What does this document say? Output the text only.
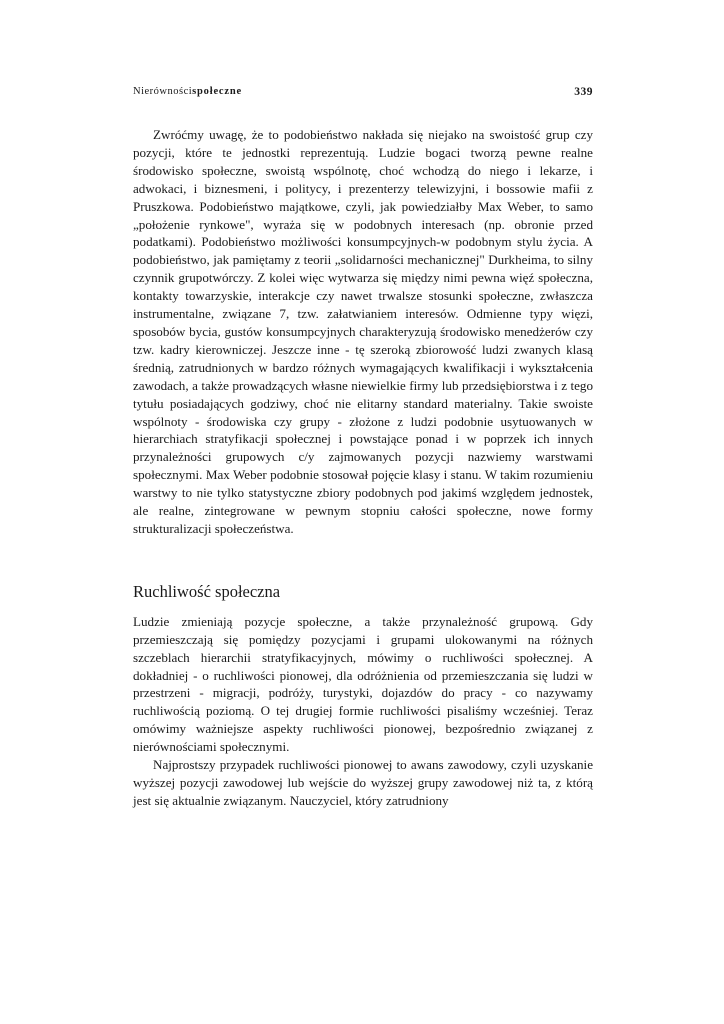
Nierównościspołeczne	339

Zwróćmy uwagę, że to podobieństwo nakłada się niejako na swoistość grup czy pozycji, które te jednostki reprezentują. Ludzie bogaci tworzą pewne realne środowisko społeczne, swoistą wspólnotę, choć wchodzą do niego i lekarze, i adwokaci, i biznesmeni, i politycy, i prezenterzy telewizyjni, i bossowie mafii z Pruszkowa. Podobieństwo majątkowe, czyli, jak powiedziałby Max Weber, to samo „położenie rynkowe", wyraża się w podobnych interesach (np. obronie przed podatkami). Podobieństwo możliwości konsumpcyjnych-w podobnym stylu życia. A podobieństwo, jak pamiętamy z teorii „solidarności mechanicznej" Durkheima, to silny czynnik grupotwórczy. Z kolei więc wytwarza się między nimi pewna więź społeczna, kontakty towarzyskie, interakcje czy nawet trwalsze stosunki społeczne, zwłaszcza instrumentalne, związane 7, tzw. załatwianiem interesów. Odmienne typy więzi, sposobów bycia, gustów konsumpcyjnych charakteryzują środowisko menedżerów czy tzw. kadry kierowniczej. Jeszcze inne - tę szeroką zbiorowość ludzi zwanych klasą średnią, zatrudnionych w bardzo różnych wymagających kwalifikacji i wykształcenia zawodach, a także prowadzących własne niewielkie firmy lub przedsiębiorstwa i z tego tytułu posiadających godziwy, choć nie elitarny standard materialny. Takie swoiste wspólnoty - środowiska czy grupy - złożone z ludzi podobnie usytuowanych w hierarchiach stratyfikacji społecznej i powstające ponad i w poprzek ich innych przynależności grupowych c/y zajmowanych pozycji nazwiemy warstwami społecznymi. Max Weber podobnie stosował pojęcie klasy i stanu. W takim rozumieniu warstwy to nie tylko statystyczne zbiory podobnych pod jakimś względem jednostek, ale realne, zintegrowane w pewnym stopniu całości społeczne, nowe formy strukturalizacji społeczeństwa.

Ruchliwość społeczna

Ludzie zmieniają pozycje społeczne, a także przynależność grupową. Gdy przemieszczają się pomiędzy pozycjami i grupami ulokowanymi na różnych szczeblach hierarchii stratyfikacyjnych, mówimy o ruchliwości społecznej. A dokładniej - o ruchliwości pionowej, dla odróżnienia od przemieszczania się ludzi w przestrzeni - migracji, podróży, turystyki, dojazdów do pracy - co nazywamy ruchliwością poziomą. O tej drugiej formie ruchliwości pisaliśmy wcześniej. Teraz omówimy ważniejsze aspekty ruchliwości pionowej, bezpośrednio związanej z nierównościami społecznymi.

Najprostszy przypadek ruchliwości pionowej to awans zawodowy, czyli uzyskanie wyższej pozycji zawodowej lub wejście do wyższej grupy zawodowej niż ta, z którą jest się aktualnie związanym. Nauczyciel, który zatrudniony
